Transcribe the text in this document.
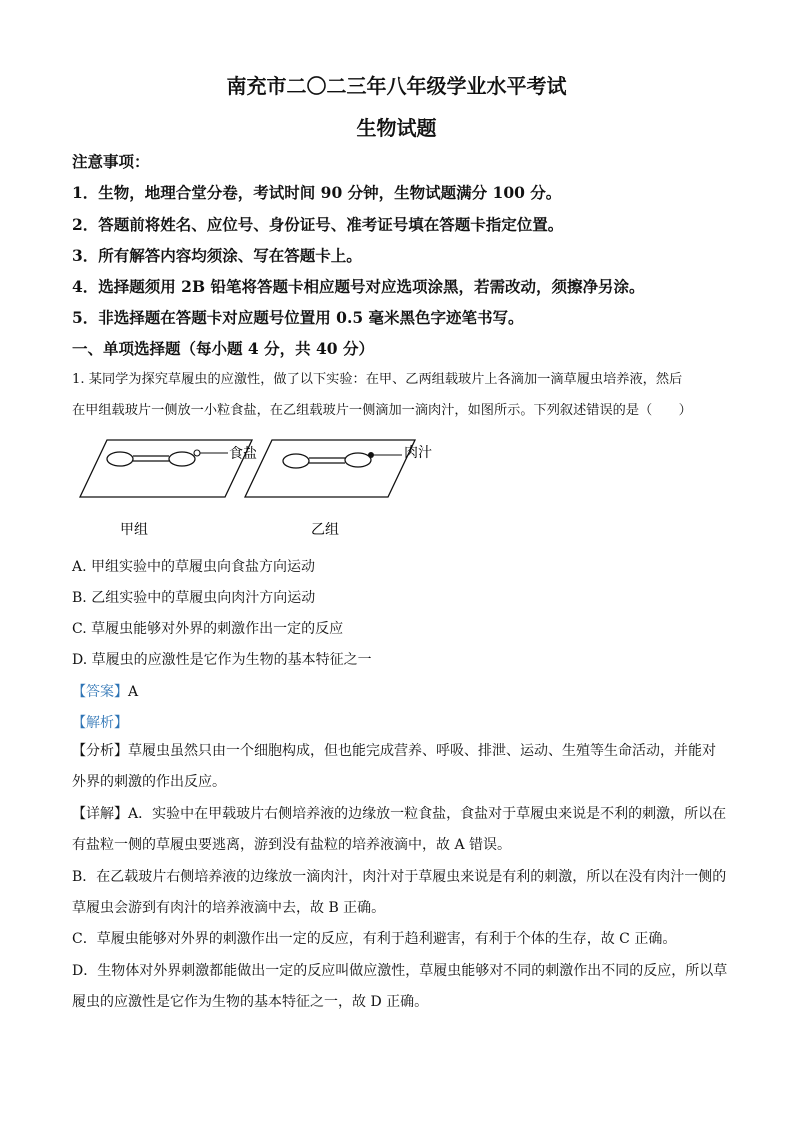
南充市二〇二三年八年级学业水平考试
生物试题
注意事项：
1．生物，地理合堂分卷，考试时间 90 分钟，生物试题满分 100 分。
2．答题前将姓名、应位号、身份证号、准考证号填在答题卡指定位置。
3．所有解答内容均须涂、写在答题卡上。
4．选择题须用 2B 铅笔将答题卡相应题号对应选项涂黑，若需改动，须擦净另涂。
5．非选择题在答题卡对应题号位置用 0.5 毫米黑色字迹笔书写。
一、单项选择题（每小题 4 分，共 40 分）
1. 某同学为探究草履虫的应激性，做了以下实验：在甲、乙两组载玻片上各滴加一滴草履虫培养液，然后
在甲组载玻片一侧放一小粒食盐，在乙组载玻片一侧滴加一滴肉汁，如图所示。下列叙述错误的是（　　）
食盐	肉汁
甲组	乙组
A. 甲组实验中的草履虫向食盐方向运动
B. 乙组实验中的草履虫向肉汁方向运动
C. 草履虫能够对外界的刺激作出一定的反应
D. 草履虫的应激性是它作为生物的基本特征之一
【答案】A
【解析】
【分析】草履虫虽然只由一个细胞构成，但也能完成营养、呼吸、排泄、运动、生殖等生命活动，并能对
外界的刺激的作出反应。
【详解】A．实验中在甲载玻片右侧培养液的边缘放一粒食盐，食盐对于草履虫来说是不利的刺激，所以在
有盐粒一侧的草履虫要逃离，游到没有盐粒的培养液滴中，故 A 错误。
B．在乙载玻片右侧培养液的边缘放一滴肉汁，肉汁对于草履虫来说是有利的刺激，所以在没有肉汁一侧的
草履虫会游到有肉汁的培养液滴中去，故 B 正确。
C．草履虫能够对外界的刺激作出一定的反应，有利于趋利避害，有利于个体的生存，故 C 正确。
D．生物体对外界刺激都能做出一定的反应叫做应激性，草履虫能够对不同的刺激作出不同的反应，所以草
履虫的应激性是它作为生物的基本特征之一，故 D 正确。
